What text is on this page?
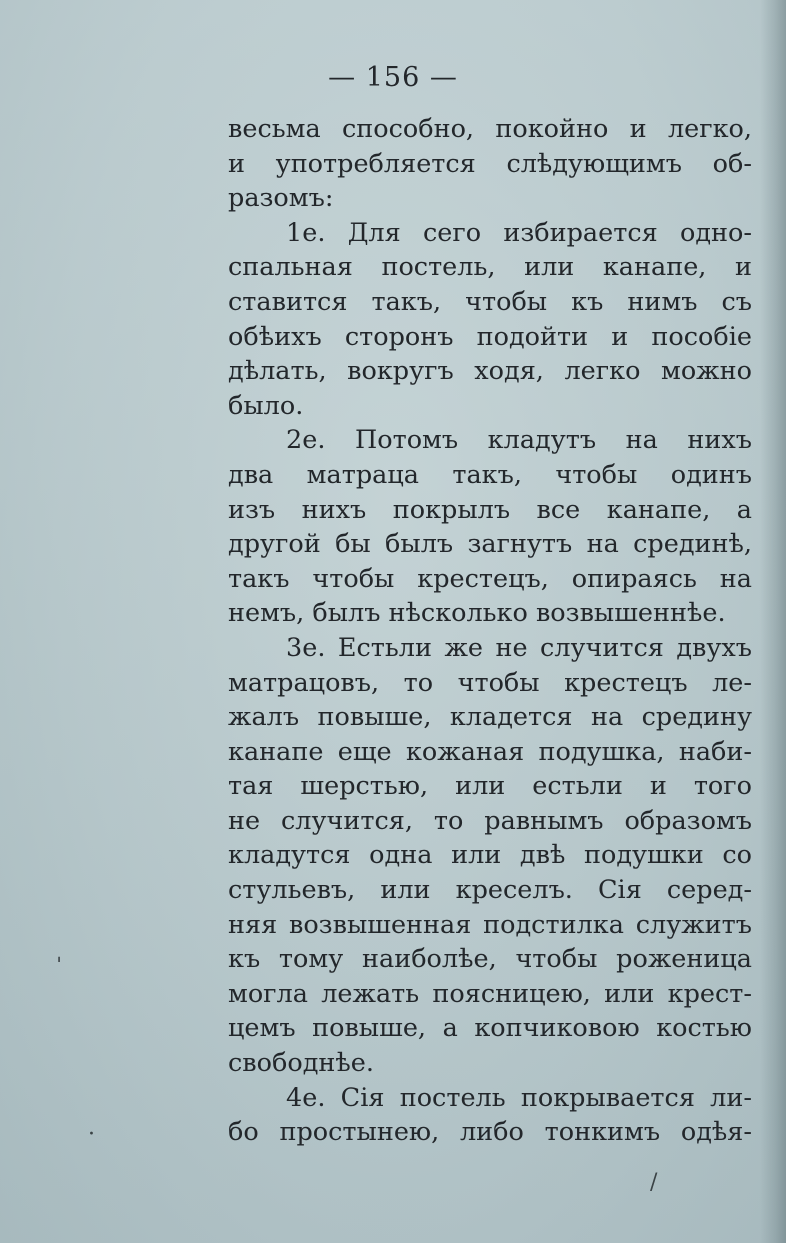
— 156 —
весьма способно, покойно и легко,
и употребляется слѣдующимъ об-
разомъ:
1е. Для сего избирается одно-
спальная постель, или канапе, и
ставится такъ, чтобы къ нимъ съ
обѣихъ сторонъ подойти и пособіе
дѣлать, вокругъ ходя, легко можно
было.
2е. Потомъ кладутъ на нихъ
два матраца такъ, чтобы одинъ
изъ нихъ покрылъ все канапе, а
другой бы былъ загнутъ на срединѣ,
такъ чтобы крестецъ, опираясь на
немъ, былъ нѣсколько возвышеннѣе.
3е. Естьли же не случится двухъ
матрацовъ, то чтобы крестецъ ле-
жалъ повыше, кладется на средину
канапе еще кожаная подушка, наби-
тая шерстью, или естьли и того
не случится, то равнымъ образомъ
кладутся одна или двѣ подушки со
стульевъ, или креселъ. Сія серед-
няя возвышенная подстилка служитъ
къ тому наиболѣе, чтобы роженица
могла лежать поясницею, или крест-
цемъ повыше, а копчиковою костью
свободнѣе.
4е. Сія постель покрывается ли-
бо простынею, либо тонкимъ одѣя-
ˌ
·
/
